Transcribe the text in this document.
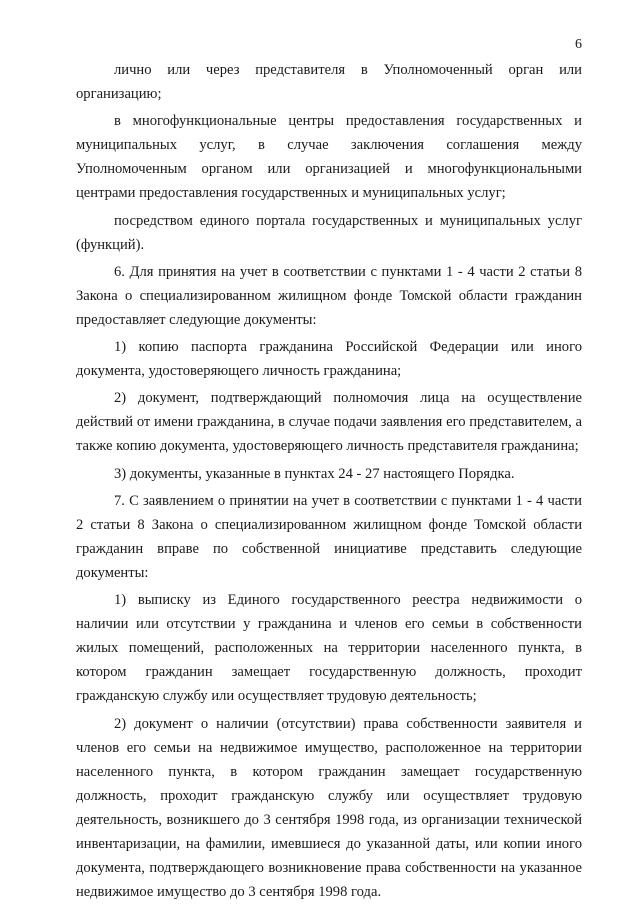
6

лично или через представителя в Уполномоченный орган или организацию;

в многофункциональные центры предоставления государственных и муниципальных услуг, в случае заключения соглашения между Уполномоченным органом или организацией и многофункциональными центрами предоставления государственных и муниципальных услуг;

посредством единого портала государственных и муниципальных услуг (функций).

6. Для принятия на учет в соответствии с пунктами 1 - 4 части 2 статьи 8 Закона о специализированном жилищном фонде Томской области гражданин предоставляет следующие документы:

1) копию паспорта гражданина Российской Федерации или иного документа, удостоверяющего личность гражданина;

2) документ, подтверждающий полномочия лица на осуществление действий от имени гражданина, в случае подачи заявления его представителем, а также копию документа, удостоверяющего личность представителя гражданина;

3) документы, указанные в пунктах 24 - 27 настоящего Порядка.

7. С заявлением о принятии на учет в соответствии с пунктами 1 - 4 части 2 статьи 8 Закона о специализированном жилищном фонде Томской области гражданин вправе по собственной инициативе представить следующие документы:

1) выписку из Единого государственного реестра недвижимости о наличии или отсутствии у гражданина и членов его семьи в собственности жилых помещений, расположенных на территории населенного пункта, в котором гражданин замещает государственную должность, проходит гражданскую службу или осуществляет трудовую деятельность;

2) документ о наличии (отсутствии) права собственности заявителя и членов его семьи на недвижимое имущество, расположенное на территории населенного пункта, в котором гражданин замещает государственную должность, проходит гражданскую службу или осуществляет трудовую деятельность, возникшего до 3 сентября 1998 года, из организации технической инвентаризации, на фамилии, имевшиеся до указанной даты, или копии иного документа, подтверждающего возникновение права собственности на указанное недвижимое имущество до 3 сентября 1998 года.
